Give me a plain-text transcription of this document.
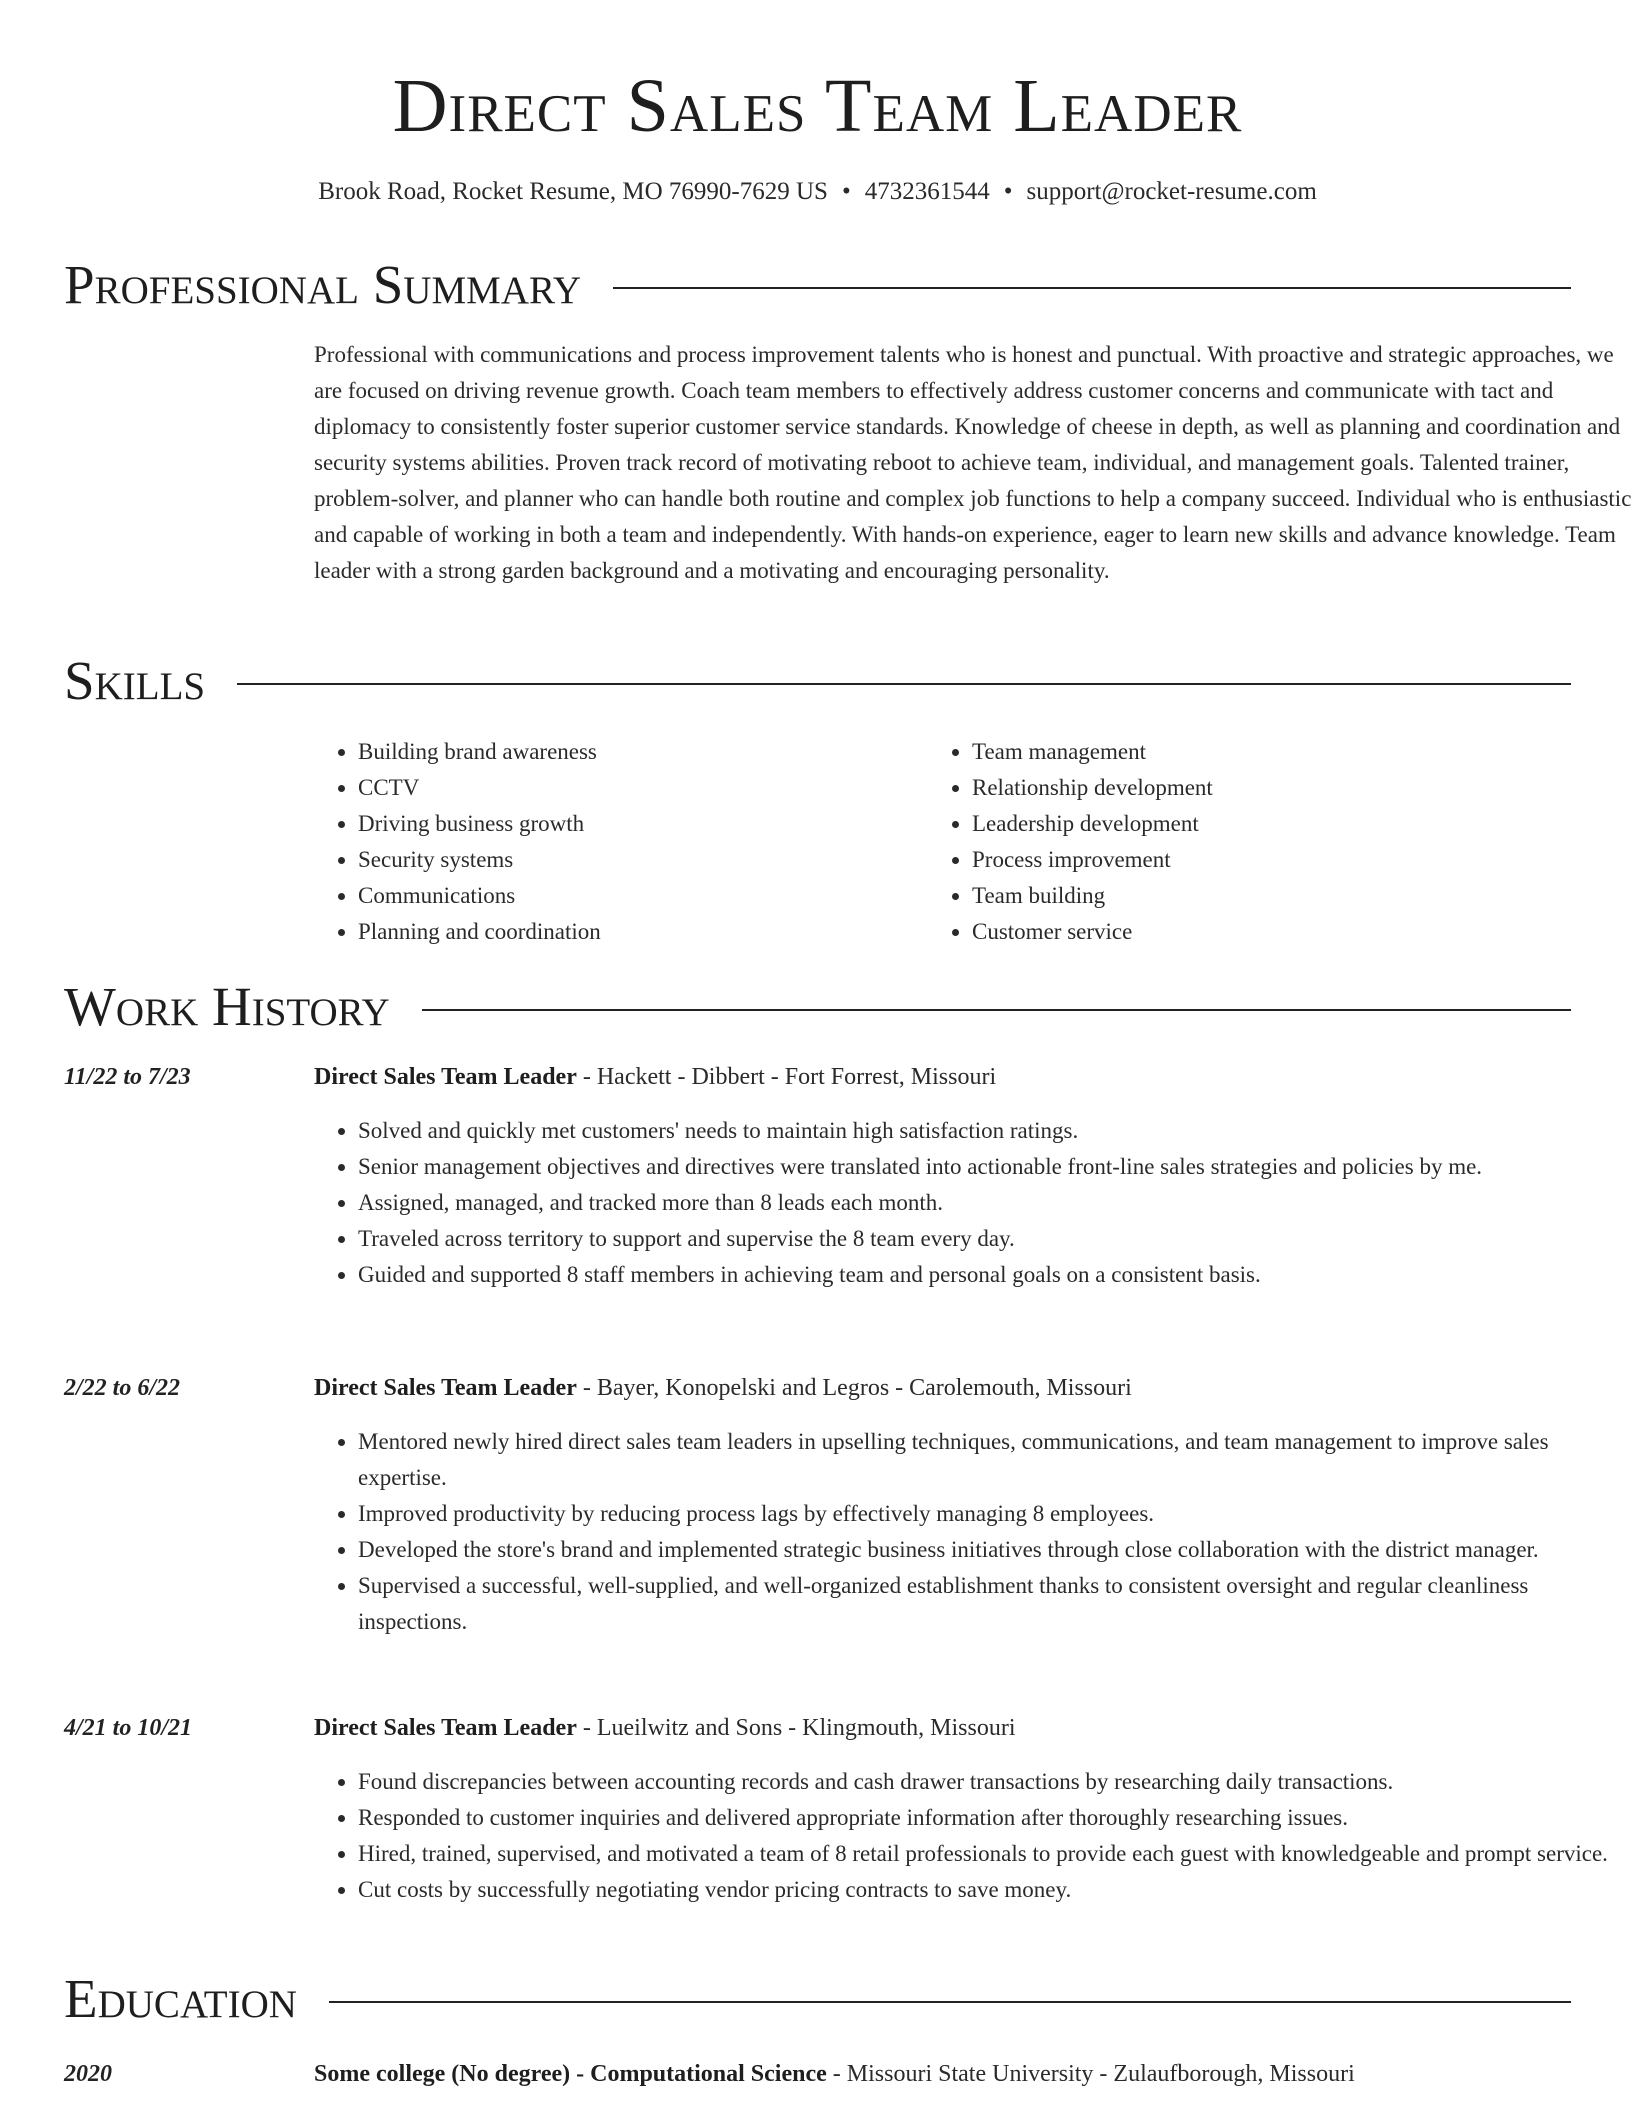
Direct Sales Team Leader
Brook Road, Rocket Resume, MO 76990-7629 US • 4732361544 • support@rocket-resume.com
Professional Summary

Professional with communications and process improvement talents who is honest and punctual. With proactive and strategic approaches, we are focused on driving revenue growth. Coach team members to effectively address customer concerns and communicate with tact and diplomacy to consistently foster superior customer service standards. Knowledge of cheese in depth, as well as planning and coordination and security systems abilities. Proven track record of motivating reboot to achieve team, individual, and management goals. Talented trainer, problem-solver, and planner who can handle both routine and complex job functions to help a company succeed. Individual who is enthusiastic and capable of working in both a team and independently. With hands-on experience, eager to learn new skills and advance knowledge. Team leader with a strong garden background and a motivating and encouraging personality.

Skills
• Building brand awareness
• CCTV
• Driving business growth
• Security systems
• Communications
• Planning and coordination
• Team management
• Relationship development
• Leadership development
• Process improvement
• Team building
• Customer service
Work History
11/22 to 7/23	Direct Sales Team Leader - Hackett - Dibbert - Fort Forrest, Missouri
• Solved and quickly met customers' needs to maintain high satisfaction ratings.
• Senior management objectives and directives were translated into actionable front-line sales strategies and policies by me.
• Assigned, managed, and tracked more than 8 leads each month.
• Traveled across territory to support and supervise the 8 team every day.
• Guided and supported 8 staff members in achieving team and personal goals on a consistent basis.
2/22 to 6/22	Direct Sales Team Leader - Bayer, Konopelski and Legros - Carolemouth, Missouri
• Mentored newly hired direct sales team leaders in upselling techniques, communications, and team management to improve sales expertise.
• Improved productivity by reducing process lags by effectively managing 8 employees.
• Developed the store's brand and implemented strategic business initiatives through close collaboration with the district manager.
• Supervised a successful, well-supplied, and well-organized establishment thanks to consistent oversight and regular cleanliness inspections.
4/21 to 10/21	Direct Sales Team Leader - Lueilwitz and Sons - Klingmouth, Missouri
• Found discrepancies between accounting records and cash drawer transactions by researching daily transactions.
• Responded to customer inquiries and delivered appropriate information after thoroughly researching issues.
• Hired, trained, supervised, and motivated a team of 8 retail professionals to provide each guest with knowledgeable and prompt service.
• Cut costs by successfully negotiating vendor pricing contracts to save money.
Education
2020	Some college (No degree) - Computational Science - Missouri State University - Zulaufborough, Missouri
